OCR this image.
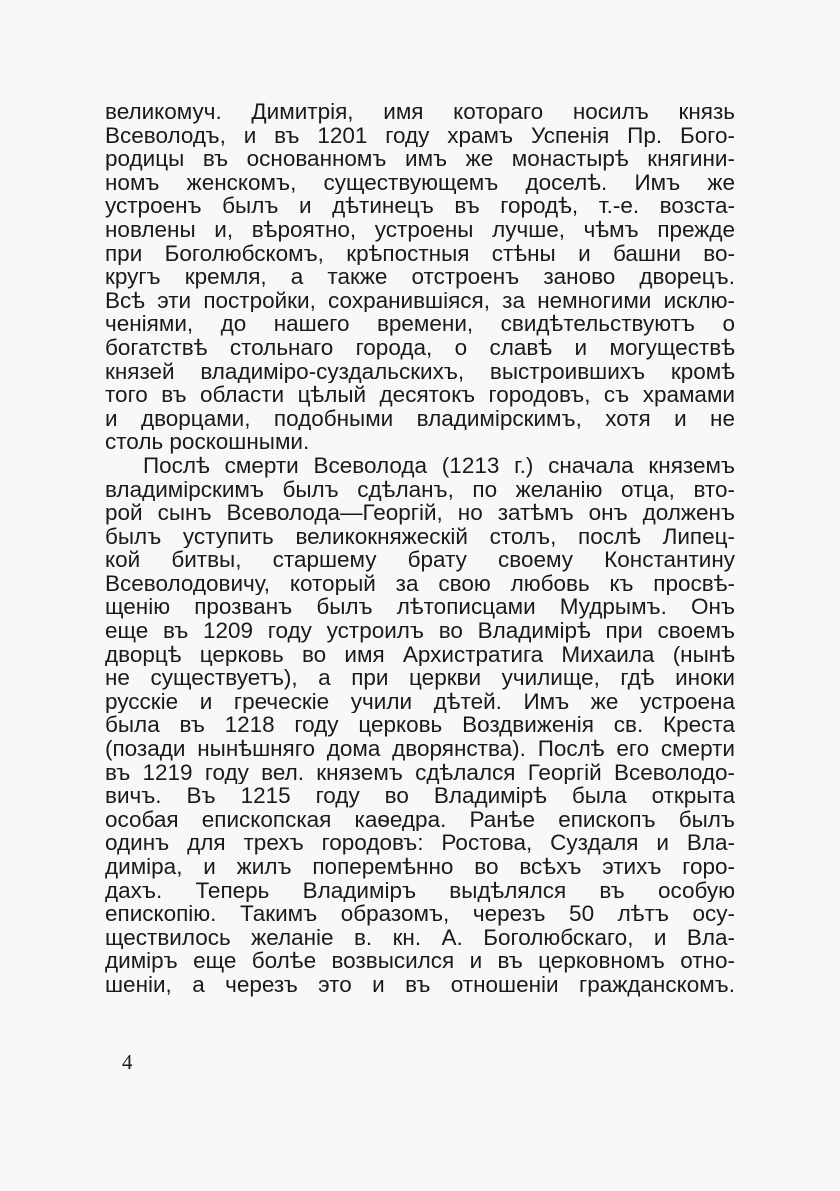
великомуч. Димитрія, имя котораго носилъ князь
Всеволодъ, и въ 1201 году храмъ Успенія Пр. Бого-
родицы въ основанномъ имъ же монастырѣ княгини-
номъ женскомъ, существующемъ доселѣ. Имъ же
устроенъ былъ и дѣтинецъ въ городѣ, т.-е. возста-
новлены и, вѣроятно, устроены лучше, чѣмъ прежде
при Боголюбскомъ, крѣпостныя стѣны и башни во-
кругъ кремля, а также отстроенъ заново дворецъ.
Всѣ эти постройки, сохранившіяся, за немногими исклю-
ченіями, до нашего времени, свидѣтельствуютъ о
богатствѣ стольнаго города, о славѣ и могуществѣ
князей владиміро-суздальскихъ, выстроившихъ кромѣ
того въ области цѣлый десятокъ городовъ, съ храмами
и дворцами, подобными владимірскимъ, хотя и не
столь роскошными.
Послѣ смерти Всеволода (1213 г.) сначала княземъ
владимірскимъ былъ сдѣланъ, по желанію отца, вто-
рой сынъ Всеволода—Георгій, но затѣмъ онъ долженъ
былъ уступить великокняжескій столъ, послѣ Липец-
кой битвы, старшему брату своему Константину
Всеволодовичу, который за свою любовь къ просвѣ-
щенію прозванъ былъ лѣтописцами Мудрымъ. Онъ
еще въ 1209 году устроилъ во Владимірѣ при своемъ
дворцѣ церковь во имя Архистратига Михаила (нынѣ
не существуетъ), а при церкви училище, гдѣ иноки
русскіе и греческіе учили дѣтей. Имъ же устроена
была въ 1218 году церковь Воздвиженія св. Креста
(позади нынѣшняго дома дворянства). Послѣ его смерти
въ 1219 году вел. княземъ сдѣлался Георгій Всеволодо-
вичъ. Въ 1215 году во Владимірѣ была открыта
особая епископская каѳедра. Ранѣе епископъ былъ
одинъ для трехъ городовъ: Ростова, Суздаля и Вла-
диміра, и жилъ поперемѣнно во всѣхъ этихъ горо-
дахъ. Теперь Владиміръ выдѣлялся въ особую
епископію. Такимъ образомъ, черезъ 50 лѣтъ осу-
ществилось желаніе в. кн. А. Боголюбскаго, и Вла-
диміръ еще болѣе возвысился и въ церковномъ отно-
шеніи, а черезъ это и въ отношеніи гражданскомъ.
4
